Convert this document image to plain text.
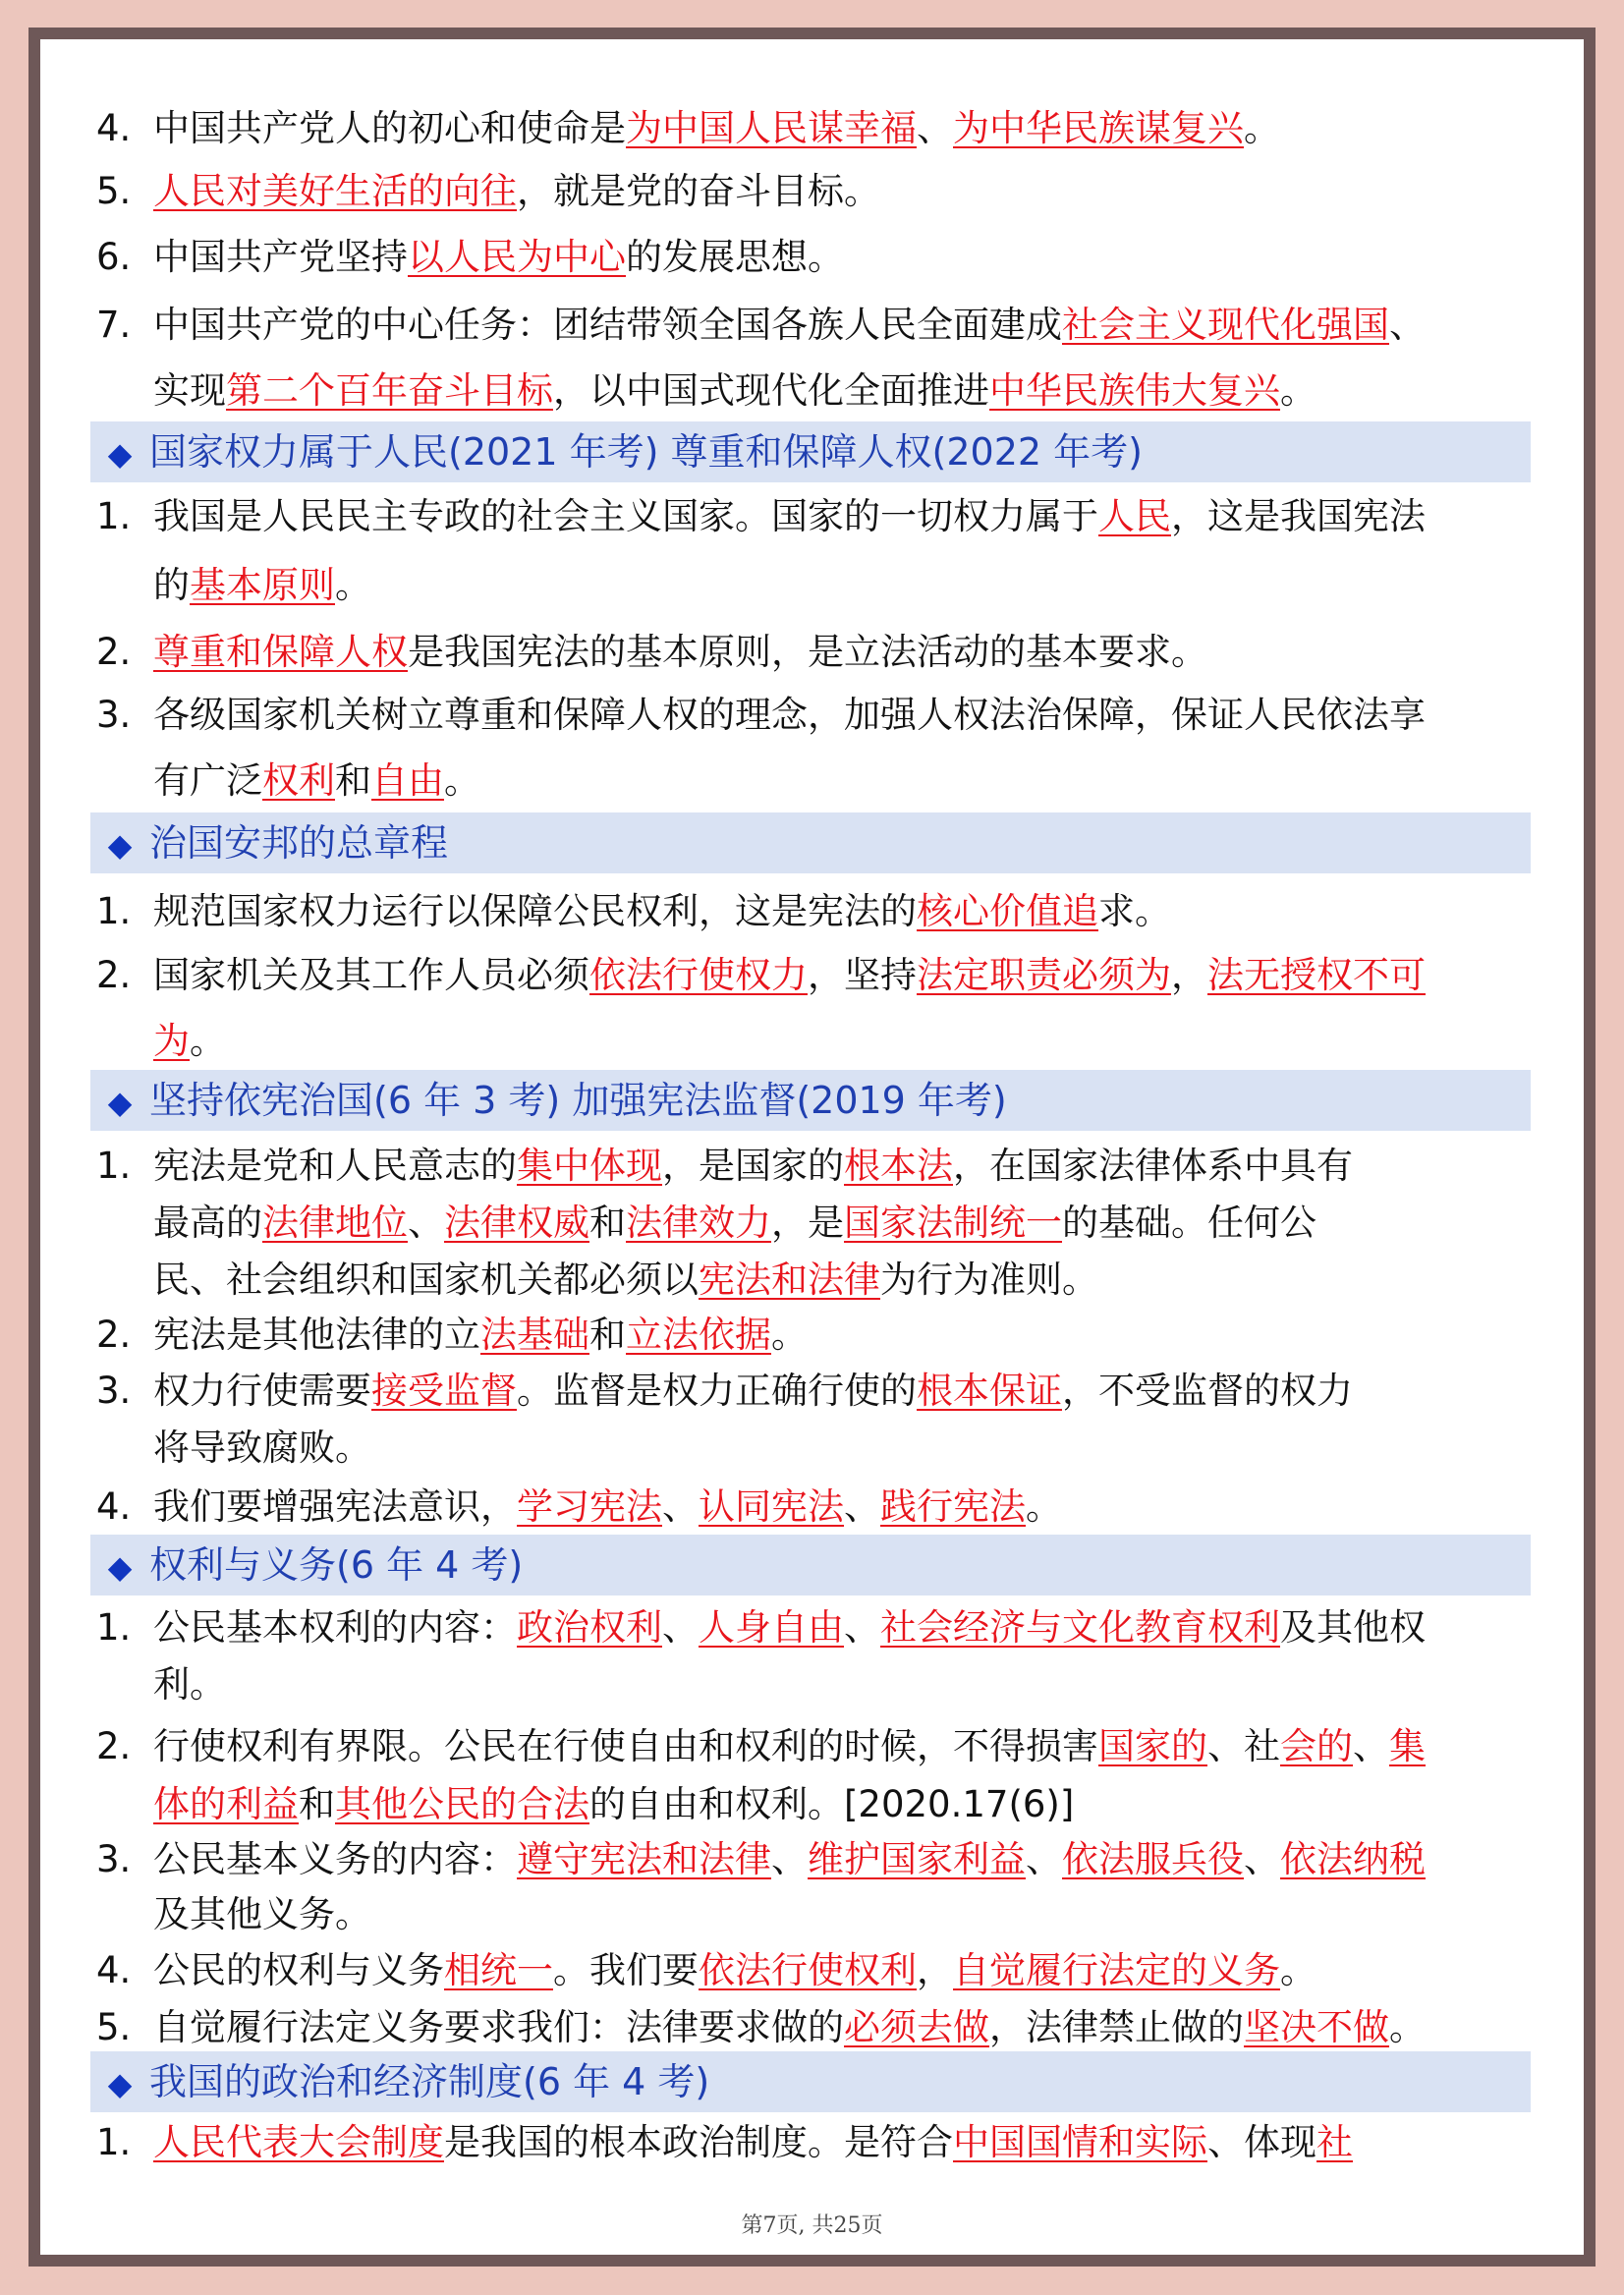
4. 中国共产党人的初心和使命是为中国人民谋幸福、为中华民族谋复兴。
5. 人民对美好生活的向往，就是党的奋斗目标。
6. 中国共产党坚持以人民为中心的发展思想。
7. 中国共产党的中心任务：团结带领全国各族人民全面建成社会主义现代化强国、
实现第二个百年奋斗目标，以中国式现代化全面推进中华民族伟大复兴。
◆ 国家权力属于人民(2021 年考) 尊重和保障人权(2022 年考)
1. 我国是人民民主专政的社会主义国家。国家的一切权力属于人民，这是我国宪法
的基本原则。
2. 尊重和保障人权是我国宪法的基本原则，是立法活动的基本要求。
3. 各级国家机关树立尊重和保障人权的理念，加强人权法治保障，保证人民依法享
有广泛权利和自由。
◆ 治国安邦的总章程
1. 规范国家权力运行以保障公民权利，这是宪法的核心价值追求。
2. 国家机关及其工作人员必须依法行使权力，坚持法定职责必须为，法无授权不可
为。
◆ 坚持依宪治国(6 年 3 考) 加强宪法监督(2019 年考)
1. 宪法是党和人民意志的集中体现，是国家的根本法，在国家法律体系中具有
最高的法律地位、法律权威和法律效力，是国家法制统一的基础。任何公
民、社会组织和国家机关都必须以宪法和法律为行为准则。
2. 宪法是其他法律的立法基础和立法依据。
3. 权力行使需要接受监督。监督是权力正确行使的根本保证，不受监督的权力
将导致腐败。
4. 我们要增强宪法意识，学习宪法、认同宪法、践行宪法。
◆ 权利与义务(6 年 4 考)
1. 公民基本权利的内容：政治权利、人身自由、社会经济与文化教育权利及其他权
利。
2. 行使权利有界限。公民在行使自由和权利的时候，不得损害国家的、社会的、集
体的利益和其他公民的合法的自由和权利。[2020.17(6)]
3. 公民基本义务的内容：遵守宪法和法律、维护国家利益、依法服兵役、依法纳税
及其他义务。
4. 公民的权利与义务相统一。我们要依法行使权利，自觉履行法定的义务。
5. 自觉履行法定义务要求我们：法律要求做的必须去做，法律禁止做的坚决不做。
◆ 我国的政治和经济制度(6 年 4 考)
1. 人民代表大会制度是我国的根本政治制度。是符合中国国情和实际、体现社
第7页, 共25页
